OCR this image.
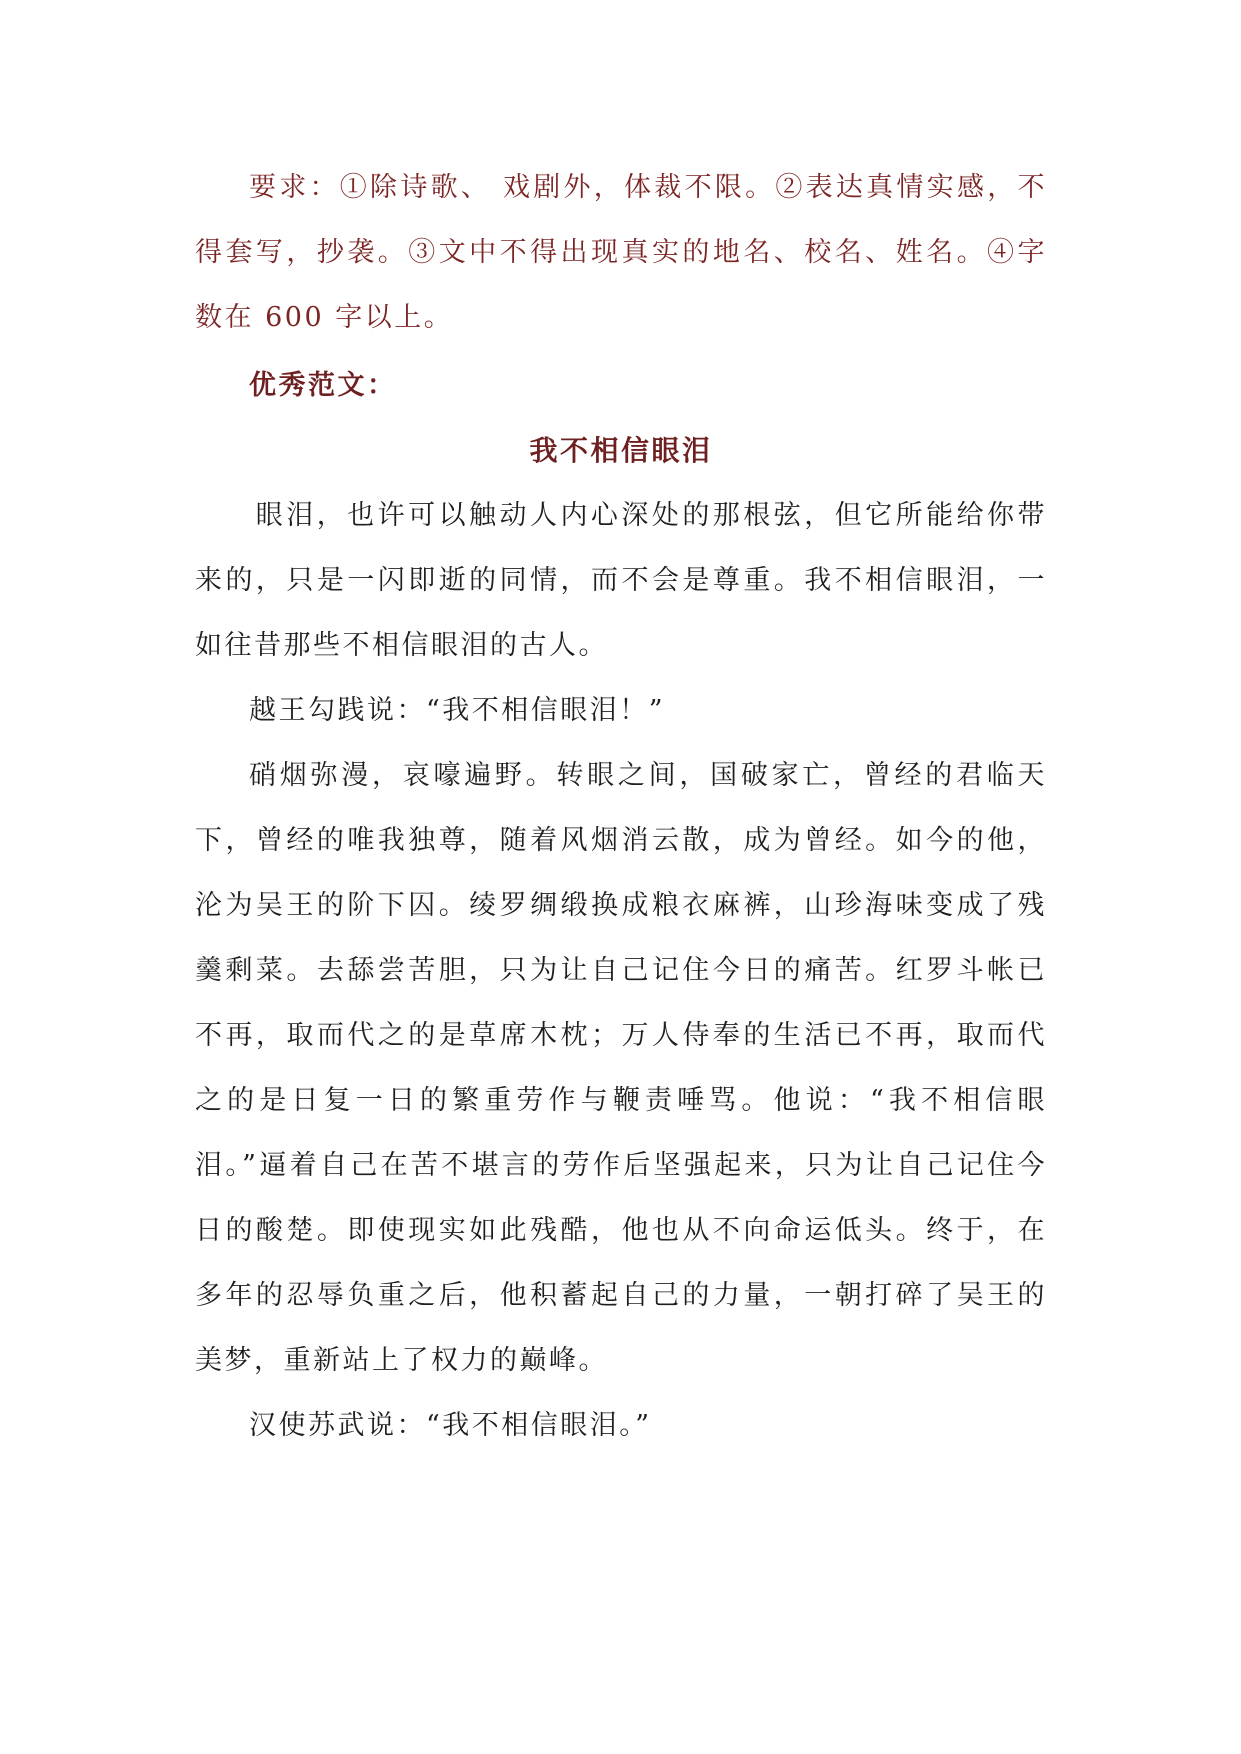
要求：①除诗歌、 戏剧外，体裁不限。②表达真情实感，不得套写，抄袭。③文中不得出现真实的地名、校名、姓名。④字数在 600 字以上。

优秀范文：

我不相信眼泪

眼泪，也许可以触动人内心深处的那根弦，但它所能给你带来的，只是一闪即逝的同情，而不会是尊重。我不相信眼泪，一如往昔那些不相信眼泪的古人。

越王勾践说：“我不相信眼泪！”

硝烟弥漫，哀嚎遍野。转眼之间，国破家亡，曾经的君临天下，曾经的唯我独尊，随着风烟消云散，成为曾经。如今的他，沦为吴王的阶下囚。绫罗绸缎换成粮衣麻裤，山珍海味变成了残羹剩菜。去舔尝苦胆，只为让自己记住今日的痛苦。红罗斗帐已不再，取而代之的是草席木枕；万人侍奉的生活已不再，取而代之的是日复一日的繁重劳作与鞭责唾骂。他说：“我不相信眼泪。”逼着自己在苦不堪言的劳作后坚强起来，只为让自己记住今日的酸楚。即使现实如此残酷，他也从不向命运低头。终于，在多年的忍辱负重之后，他积蓄起自己的力量，一朝打碎了吴王的美梦，重新站上了权力的巅峰。

汉使苏武说：“我不相信眼泪。”
